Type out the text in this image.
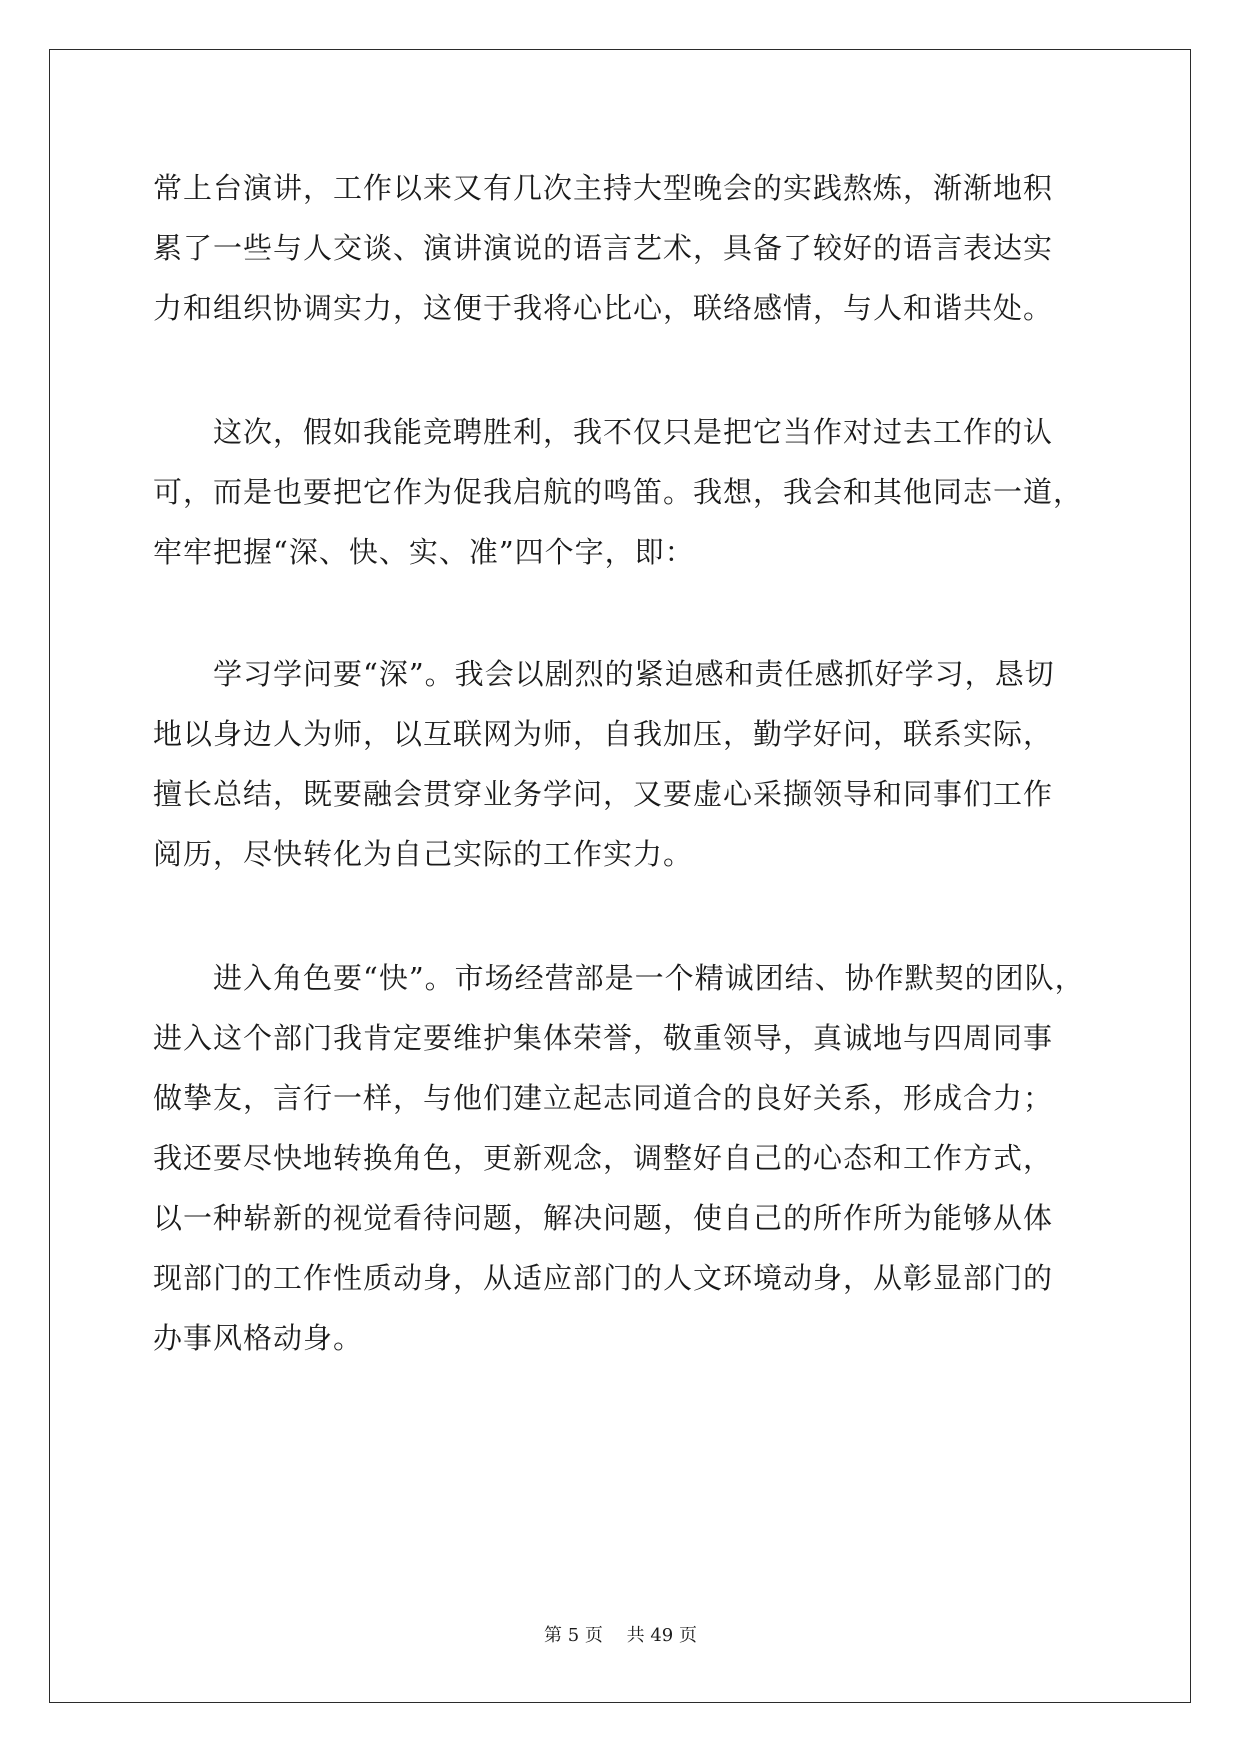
常上台演讲，工作以来又有几次主持大型晚会的实践熬炼，渐渐地积
累了一些与人交谈、演讲演说的语言艺术，具备了较好的语言表达实
力和组织协调实力，这便于我将心比心，联络感情，与人和谐共处。
这次，假如我能竞聘胜利，我不仅只是把它当作对过去工作的认
可，而是也要把它作为促我启航的鸣笛。我想，我会和其他同志一道，
牢牢把握“深、快、实、准”四个字，即：
学习学问要“深”。我会以剧烈的紧迫感和责任感抓好学习，恳切
地以身边人为师，以互联网为师，自我加压，勤学好问，联系实际，
擅长总结，既要融会贯穿业务学问，又要虚心采撷领导和同事们工作
阅历，尽快转化为自己实际的工作实力。
进入角色要“快”。市场经营部是一个精诚团结、协作默契的团队，
进入这个部门我肯定要维护集体荣誉，敬重领导，真诚地与四周同事
做挚友，言行一样，与他们建立起志同道合的良好关系，形成合力；
我还要尽快地转换角色，更新观念，调整好自己的心态和工作方式，
以一种崭新的视觉看待问题，解决问题，使自己的所作所为能够从体
现部门的工作性质动身，从适应部门的人文环境动身，从彰显部门的
办事风格动身。
第 5 页　 共 49 页
